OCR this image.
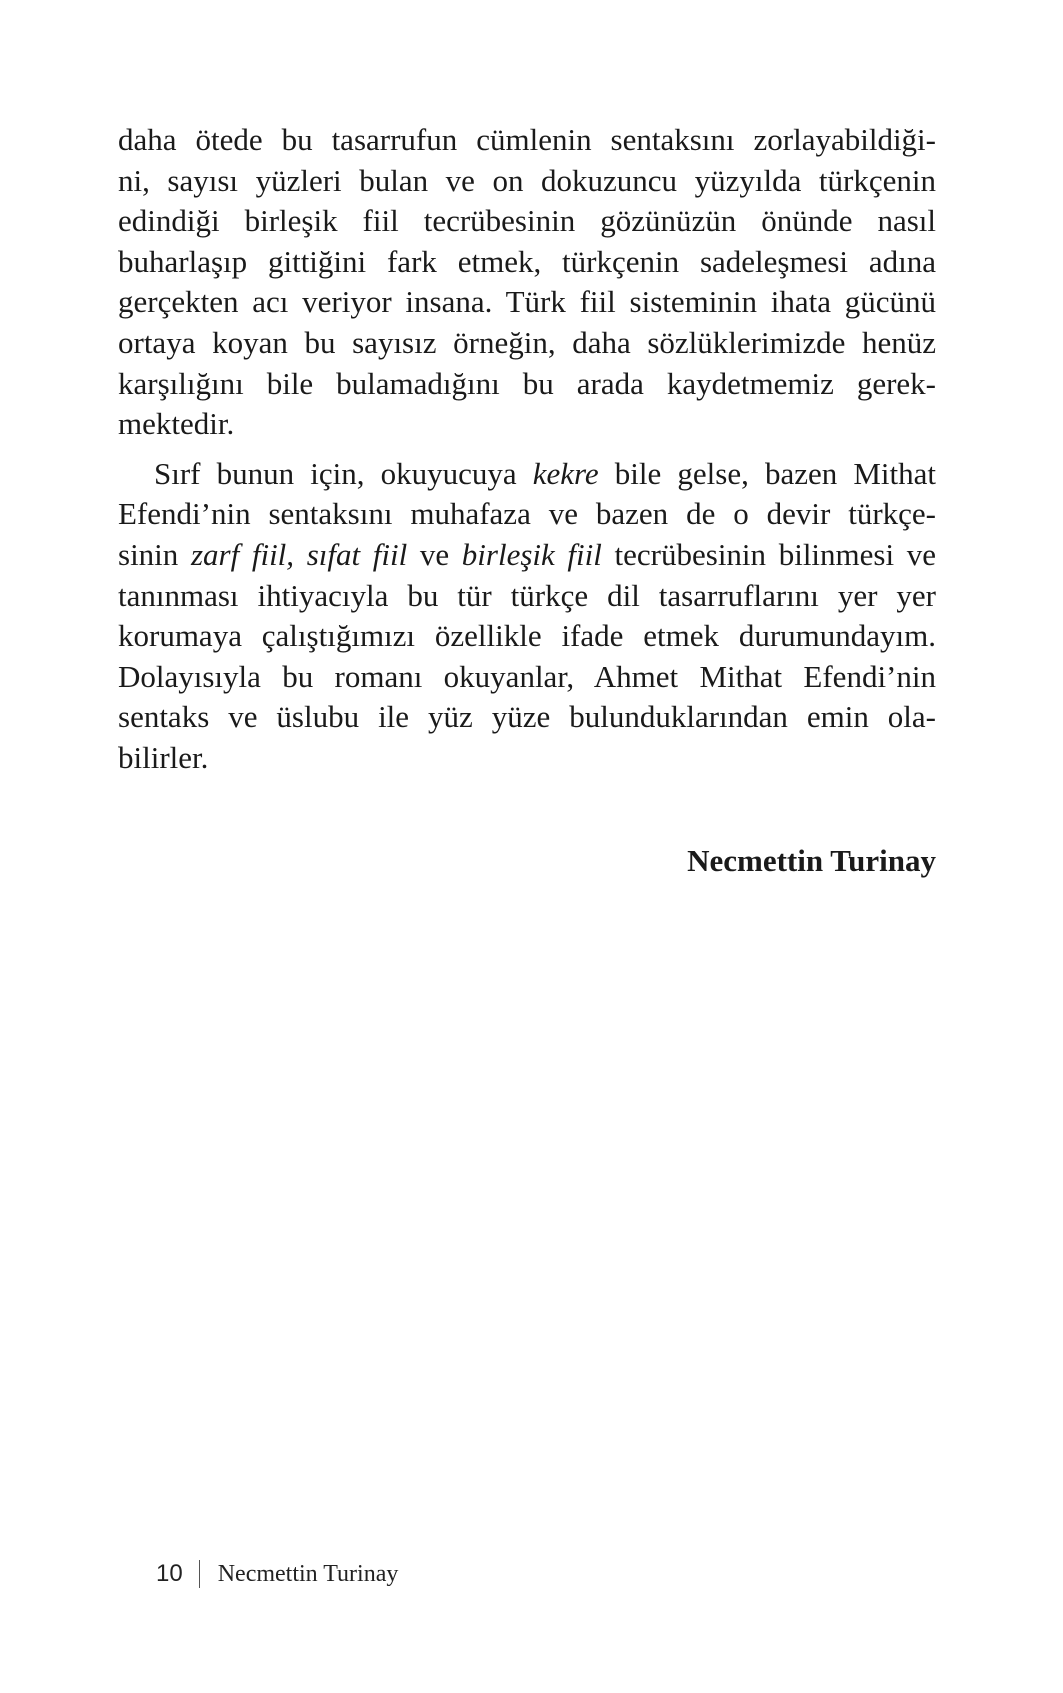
daha ötede bu tasarrufun cümlenin sentaksını zorlayabildiği-
ni, sayısı yüzleri bulan ve on dokuzuncu yüzyılda türkçenin
edindiği birleşik fiil tecrübesinin gözünüzün önünde nasıl
buharlaşıp gittiğini fark etmek, türkçenin sadeleşmesi adına
gerçekten acı veriyor insana. Türk fiil sisteminin ihata gücünü
ortaya koyan bu sayısız örneğin, daha sözlüklerimizde henüz
karşılığını bile bulamadığını bu arada kaydetmemiz gerek-
mektedir.
Sırf bunun için, okuyucuya kekre bile gelse, bazen Mithat
Efendi’nin sentaksını muhafaza ve bazen de o devir türkçe-
sinin zarf fiil, sıfat fiil ve birleşik fiil tecrübesinin bilinmesi ve
tanınması ihtiyacıyla bu tür türkçe dil tasarruflarını yer yer
korumaya çalıştığımızı özellikle ifade etmek durumundayım.
Dolayısıyla bu romanı okuyanlar, Ahmet Mithat Efendi’nin
sentaks ve üslubu ile yüz yüze bulunduklarından emin ola-
bilirler.
Necmettin Turinay
10 Necmettin Turinay
